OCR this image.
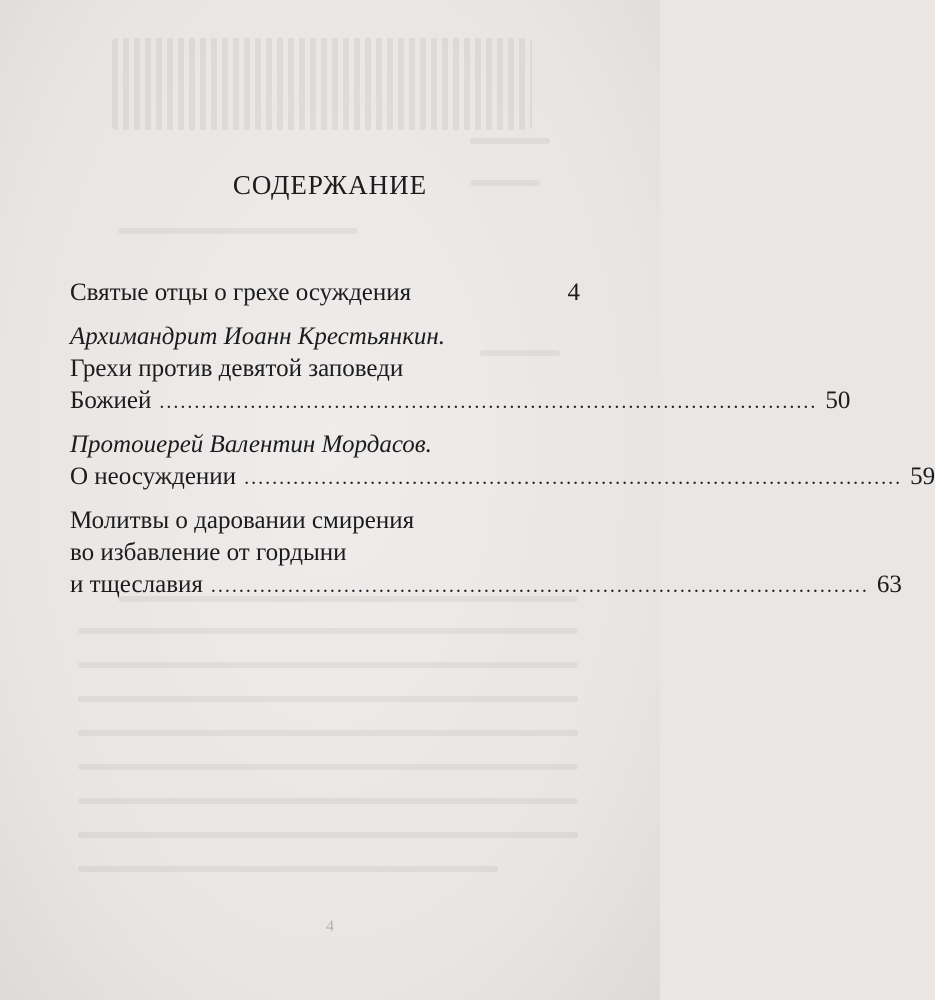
СОДЕРЖАНИЕ
Святые отцы о грехе осуждения	4
Архимандрит Иоанн Крестьянкин.
Грехи против девятой заповеди
Божией .............................................................................................. 50
Протоиерей Валентин Мордасов.
О неосуждении .............................................................................................. 59
Молитвы о даровании смирения
во избавление от гордыни
и тщеславия .............................................................................................. 63
4
